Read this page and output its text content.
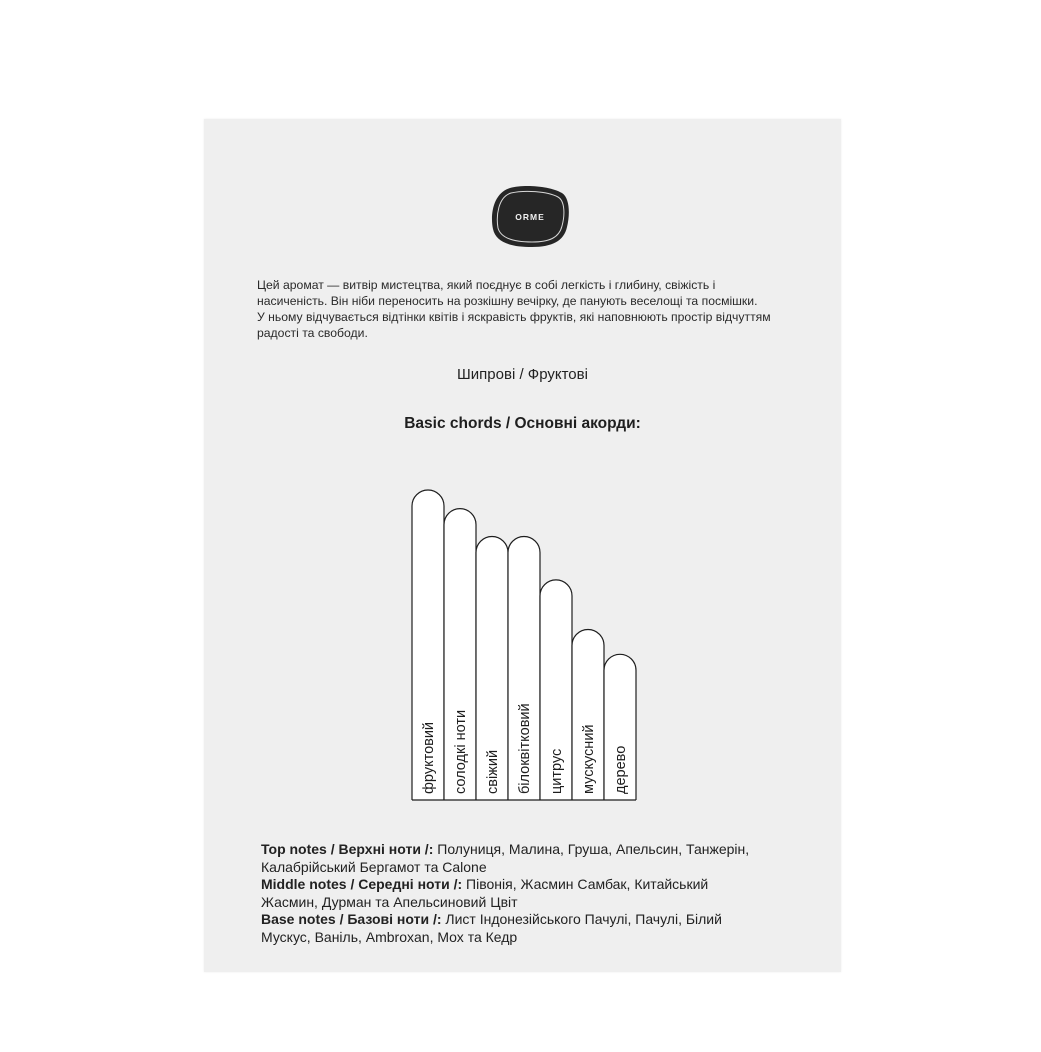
ORME

Цей аромат — витвір мистецтва, який поєднує в собі легкість і глибину, свіжість і
насиченість. Він ніби переносить на розкішну вечірку, де панують веселощі та посмішки.
У ньому відчувається відтінки квітів і яскравість фруктів, які наповнюють простір відчуттям
радості та свободи.

Шипрові / Фруктові
Basic chords / Основні акорди:
фруктовий солодкі ноти свіжий білоквітковий цитрус мускусний дерево

Top notes / Верхні ноти /: Полуниця, Малина, Груша, Апельсин, Танжерін,
Калабрійський Бергамот та Calone
Middle notes / Середні ноти /: Півонія, Жасмин Самбак, Китайський
Жасмин, Дурман та Апельсиновий Цвіт
Base notes / Базові ноти /: Лист Індонезійського Пачулі, Пачулі, Білий
Мускус, Ваніль, Ambroxan, Мох та Кедр
